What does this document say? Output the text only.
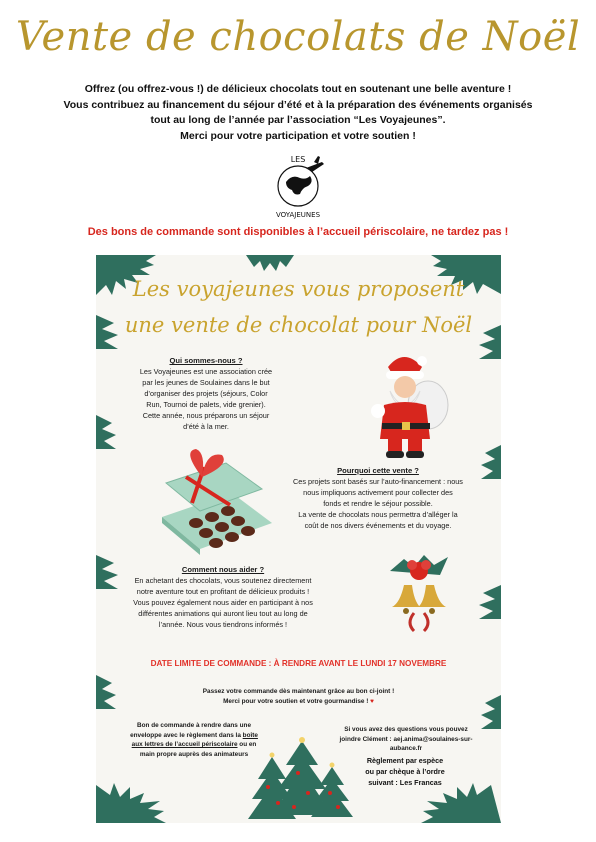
Vente de chocolats de Noël
Offrez (ou offrez-vous !) de délicieux chocolats tout en soutenant une belle aventure !
Vous contribuez au financement du séjour d’été et à la préparation des événements organisés
tout au long de l’année par l’association “Les Voyajeunes”.
Merci pour votre participation et votre soutien !
LES
VOYAJEUNES
Des bons de commande sont disponibles à l’accueil périscolaire, ne tardez pas !
Les voyajeunes vous proposent
une vente de chocolat pour Noël
Qui sommes-nous ?
Les Voyajeunes est une association crée
par les jeunes de Soulaines dans le but
d’organiser des projets (séjours, Color
Run, Tournoi de palets, vide grenier).
Cette année, nous préparons un séjour
d’été à la mer.
Pourquoi cette vente ?
Ces projets sont basés sur l’auto-financement : nous
nous impliquons activement pour collecter des
fonds et rendre le séjour possible.
La vente de chocolats nous permettra d’alléger la
coût de nos divers événements et du voyage.
Comment nous aider ?
En achetant des chocolats, vous soutenez directement
notre aventure tout en profitant de délicieux produits !
Vous pouvez également nous aider en participant à nos
différentes animations qui auront lieu tout au long de
l’année. Nous vous tiendrons informés !
DATE LIMITE DE COMMANDE : À RENDRE AVANT LE LUNDI 17 NOVEMBRE
Passez votre commande dès maintenant grâce au bon ci-joint !
Merci pour votre soutien et votre gourmandise ! ♥
Bon de commande à rendre dans une
enveloppe avec le règlement dans la boîte
aux lettres de l’accueil périscolaire ou en
main propre auprès des animateurs
Si vous avez des questions vous pouvez
joindre Clément : aej.anima@soulaines-sur-
aubance.fr
Règlement par espèce
ou par chèque à l’ordre
suivant : Les Francas
